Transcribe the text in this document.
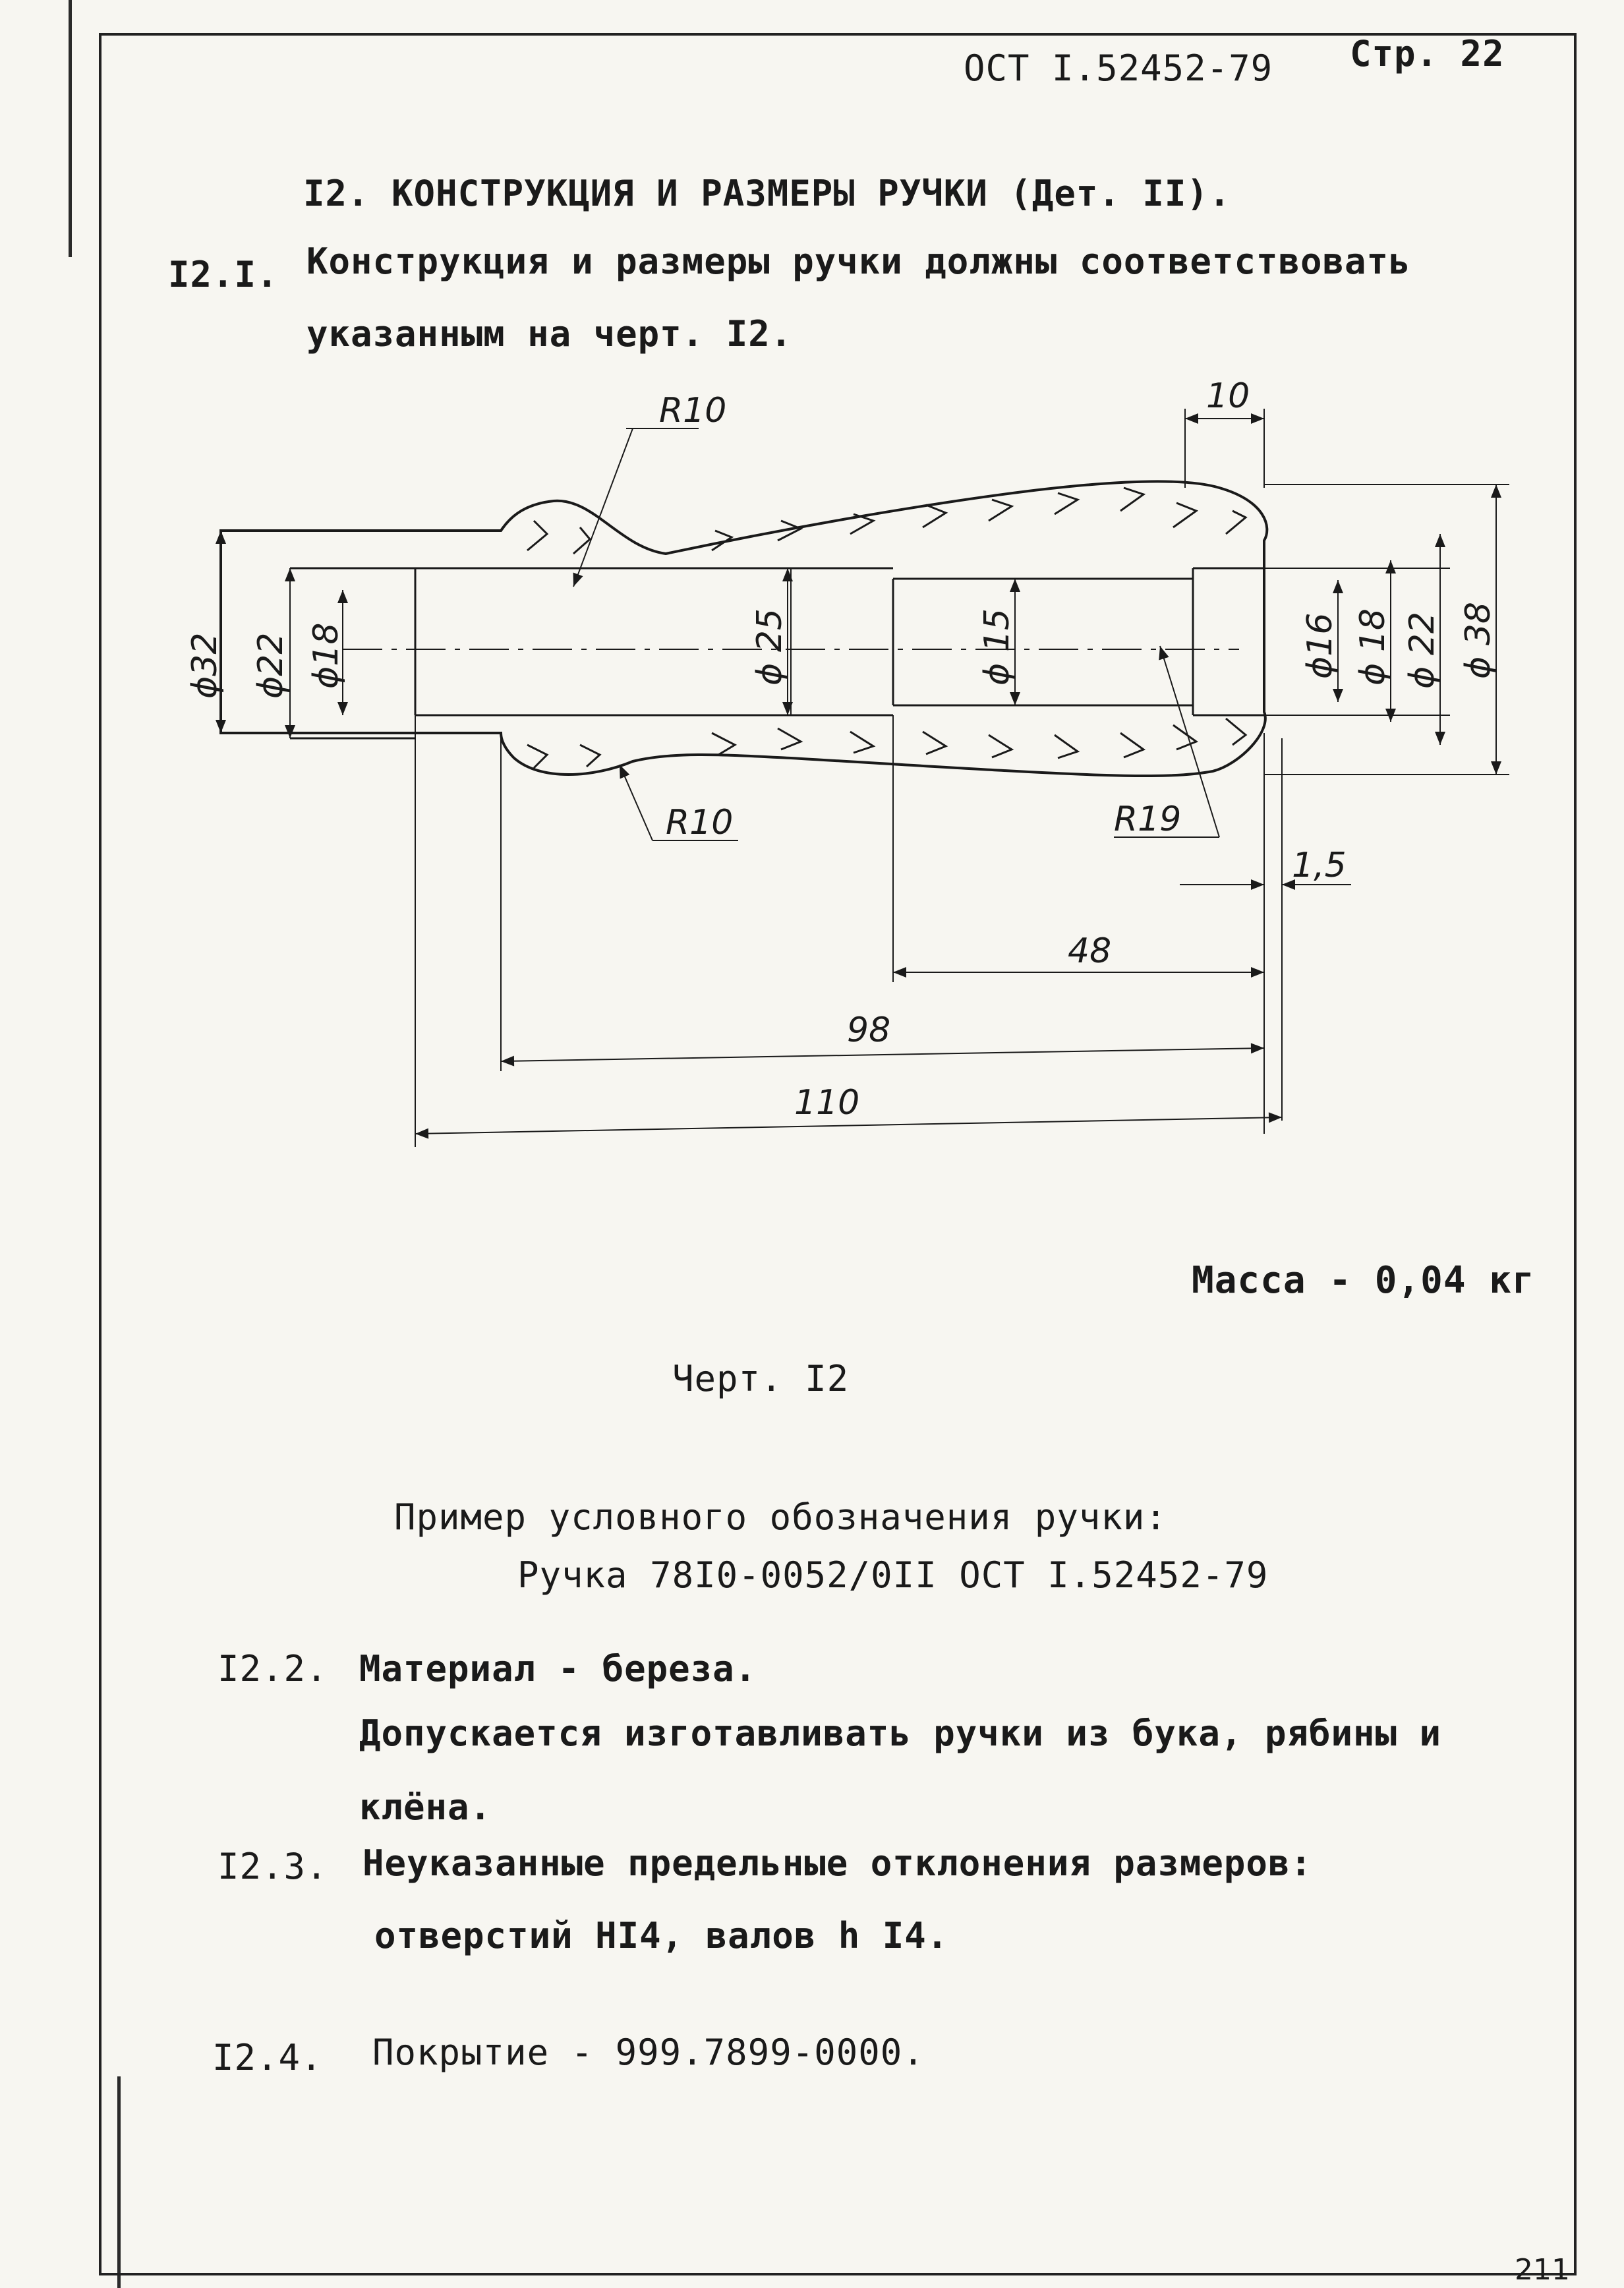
ОСТ I.52452-79 Стр. 22
I2. КОНСТРУКЦИЯ И РАЗМЕРЫ РУЧКИ (Дет. II).
I2.I. Конструкция и размеры ручки должны соответствовать
указанным на черт. I2.
R10
R10	R19
10
1,5
48
98
110
ϕ32 ϕ22 ϕ18	ϕ 25	ϕ 15	ϕ16 ϕ 18 ϕ 22 ϕ 38
Масса - 0,04 кг
Черт. I2
Пример условного обозначения ручки:
Ручка 78I0-0052/0II ОСТ I.52452-79
I2.2. Материал - береза.
Допускается изготавливать ручки из бука, рябины и
клёна.
I2.3. Неуказанные предельные отклонения размеров:
отверстий HI4, валов h I4.
I2.4. Покрытие - 999.7899-0000.
211
